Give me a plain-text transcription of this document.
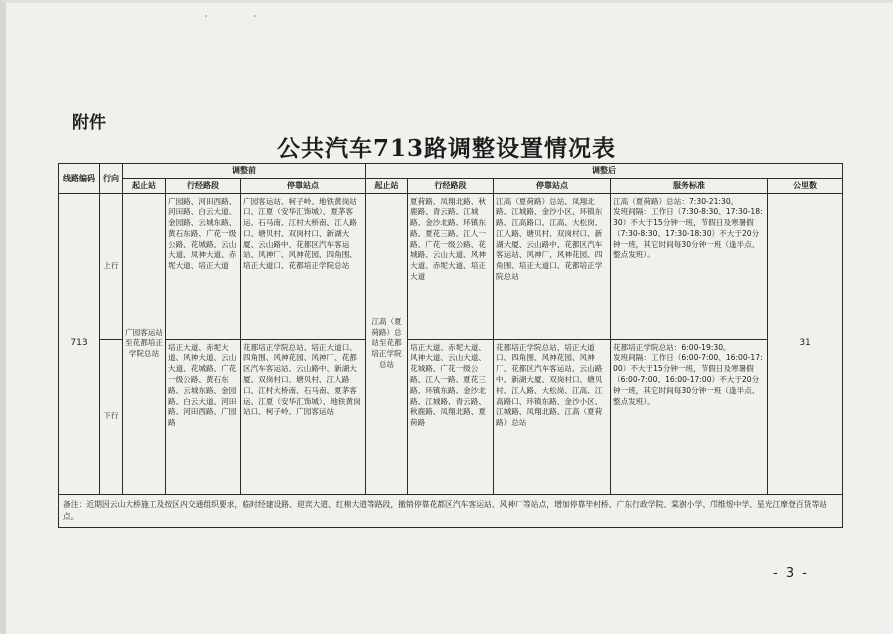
' '
附件
公共汽车713路调整设置情况表
线路编码	行向	调整前			调整后				
		起止站	行经路段	停靠站点	起止站	行经路段	停靠站点	服务标准	公里数
713	上行	广园客运站至花都培正学院总站	广园路、河田西路、河田路、白云大道、金园路、云城东路、黄石东路、广花一级公路、花城路、云山大道、凤神大道、赤坭大道、培正大道	广园客运站、柯子岭、地铁黄岗站口、江夏（安华汇饰城）、夏茅客运、石马南、江村大桥南、江人路口、塘贝村、双岗村口、新湖大厦、云山路中、花都区汽车客运站、风神厂、风神花园、四角围、培正大道口、花都培正学院总站	江高（夏荷路）总站至花都培正学院总站	夏荷路、凤翔北路、秋鹿路、青云路、江城路、金沙北路、环镇东路、夏花三路、江人一路、广花一级公路、花城路、云山大道、风神大道、赤坭大道、培正大道	江高（夏荷路）总站、凤翔北路、江城路、金沙小区、环镇东路、江高路口、江高、大松岗、江人路、塘贝村、双岗村口、新湖大厦、云山路中、花都区汽车客运站、风神厂、风神花园、四角围、培正大道口、花都培正学院总站	江高（夏荷路）总站：7:30-21:30。
发班间隔：工作日（7:30-8:30、17:30-18:30）不大于15分钟一班，节假日及寒暑假（7:30-8:30、17:30-18:30）不大于20分钟一班，其它时间每30分钟一班（逢半点、整点发班）。	31
	下行		培正大道、赤坭大道、风神大道、云山大道、花城路、广花一级公路、黄石东路、云城东路、金园路、白云大道、河田路、河田西路、广园路	花都培正学院总站、培正大道口、四角围、风神花园、风神厂、花都区汽车客运站、云山路中、新湖大厦、双岗村口、塘贝村、江人路口、江村大桥南、石马南、夏茅客运、江夏（安华汇饰城）、地铁黄岗站口、柯子岭、广园客运站		培正大道、赤坭大道、风神大道、云山大道、花城路、广花一级公路、江人一路、夏花三路、环镇东路、金沙北路、江城路、青云路、秋鹿路、凤翔北路、夏荷路	花都培正学院总站、培正大道口、四角围、风神花园、风神厂、花都区汽车客运站、云山路中、新湖大厦、双岗村口、塘贝村、江人路、大松岗、江高、江高路口、环镇东路、金沙小区、江城路、凤翔北路、江高（夏荷路）总站	花都培正学院总站：6:00-19:30。
发班间隔：工作日（6:00-7:00、16:00-17:00）不大于15分钟一班，节假日及寒暑假（6:00-7:00、16:00-17:00）不大于20分钟一班，其它时间每30分钟一班（逢半点、整点发班）。	
备注：近期因云山大桥施工及按区内交通组织要求，临时经建设路、迎宾大道、红棉大道等路段，撤销停靠花都区汽车客运站、风神厂等站点，增加停靠毕村桥、广东行政学院、棠澍小学、邝维煜中学、星光江摩登百货等站点。									
- 3 -
